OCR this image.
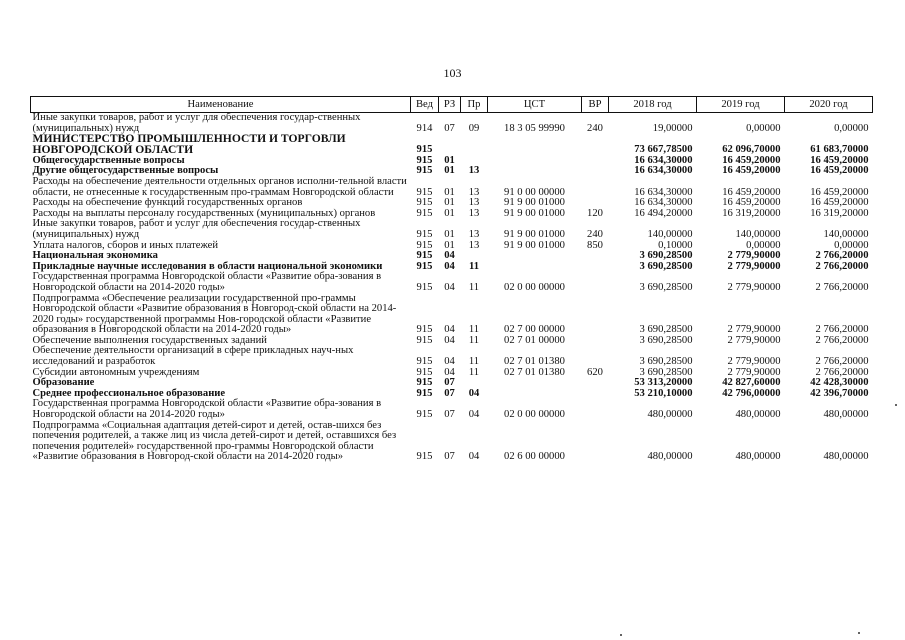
103
Наименование	Вед	РЗ	Пр	ЦСТ	ВР	2018 год	2019 год	2020 год
Иные закупки товаров, работ и услуг для обеспечения государ-ственных (муниципальных) нужд	914	07	09	18 3 05 99990	240	19,00000	0,00000	0,00000
МИНИСТЕРСТВО ПРОМЫШЛЕННОСТИ И ТОРГОВЛИ НОВГОРОДСКОЙ ОБЛАСТИ	915					73 667,78500	62 096,70000	61 683,70000
Общегосударственные вопросы	915	01				16 634,30000	16 459,20000	16 459,20000
Другие общегосударственные вопросы	915	01	13			16 634,30000	16 459,20000	16 459,20000
Расходы на обеспечение деятельности отдельных органов исполни-тельной власти области, не отнесенные к государственным про-граммам Новгородской области	915	01	13	91 0 00 00000		16 634,30000	16 459,20000	16 459,20000
Расходы на обеспечение функций государственных органов	915	01	13	91 9 00 01000		16 634,30000	16 459,20000	16 459,20000
Расходы на выплаты персоналу государственных (муниципальных) органов	915	01	13	91 9 00 01000	120	16 494,20000	16 319,20000	16 319,20000
Иные закупки товаров, работ и услуг для обеспечения государ-ственных (муниципальных) нужд	915	01	13	91 9 00 01000	240	140,00000	140,00000	140,00000
Уплата налогов, сборов и иных платежей	915	01	13	91 9 00 01000	850	0,10000	0,00000	0,00000
Национальная экономика	915	04				3 690,28500	2 779,90000	2 766,20000
Прикладные научные исследования в области национальной экономики	915	04	11			3 690,28500	2 779,90000	2 766,20000
Государственная программа Новгородской области «Развитие обра-зования в Новгородской области на 2014-2020 годы»	915	04	11	02 0 00 00000		3 690,28500	2 779,90000	2 766,20000
Подпрограмма «Обеспечение реализации государственной про-граммы Новгородской области «Развитие образования в Новгород-ской области на 2014-2020 годы» государственной программы Нов-городской области «Развитие образования в Новгородской области на 2014-2020 годы»	915	04	11	02 7 00 00000		3 690,28500	2 779,90000	2 766,20000
Обеспечение выполнения государственных заданий	915	04	11	02 7 01 00000		3 690,28500	2 779,90000	2 766,20000
Обеспечение деятельности организаций в сфере прикладных науч-ных исследований и разработок	915	04	11	02 7 01 01380		3 690,28500	2 779,90000	2 766,20000
Субсидии автономным учреждениям	915	04	11	02 7 01 01380	620	3 690,28500	2 779,90000	2 766,20000
Образование	915	07				53 313,20000	42 827,60000	42 428,30000
Среднее профессиональное образование	915	07	04			53 210,10000	42 796,00000	42 396,70000
Государственная программа Новгородской области «Развитие обра-зования в Новгородской области на 2014-2020 годы»	915	07	04	02 0 00 00000		480,00000	480,00000	480,00000
Подпрограмма «Социальная адаптация детей-сирот и детей, остав-шихся без попечения родителей, а также лиц из числа детей-сирот и детей, оставшихся без попечения родителей» государственной про-граммы Новгородской области «Развитие образования в Новгород-ской области на 2014-2020 годы»	915	07	04	02 6 00 00000		480,00000	480,00000	480,00000
